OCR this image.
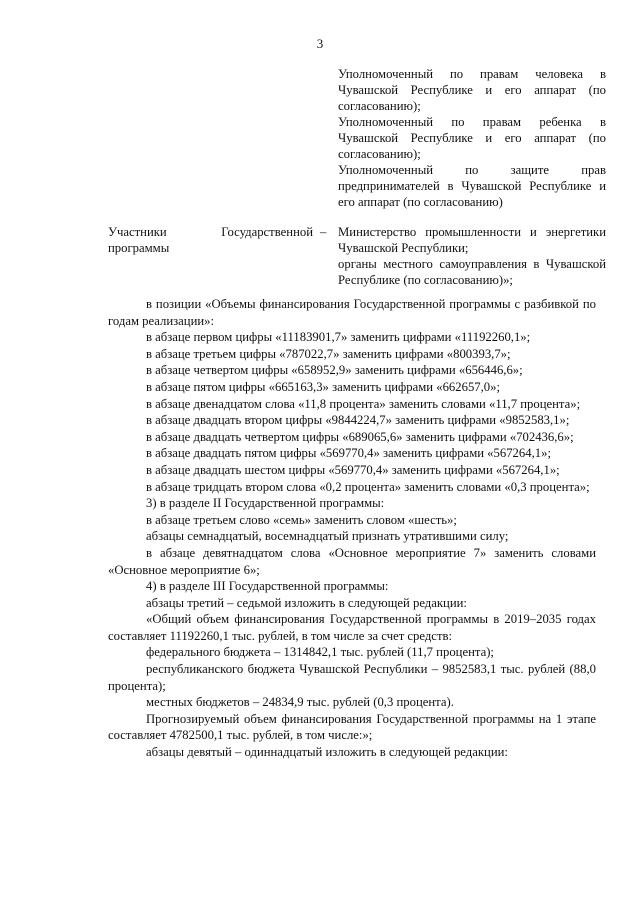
3

Уполномоченный по правам человека в Чувашской Республике и его аппарат (по согласованию);

Уполномоченный по правам ребенка в Чувашской Республике и его аппарат (по согласованию);

Уполномоченный по защите прав предпринимателей в Чувашской Республике и его аппарат (по согласованию)

Участники Государственной программы
– Министерство промышленности и энергетики Чувашской Республики;

органы местного самоуправления в Чувашской Республике (по согласованию)»;

в позиции «Объемы финансирования Государственной программы с разбивкой по годам реализации»:

в абзаце первом цифры «11183901,7» заменить цифрами «11192260,1»;

в абзаце третьем цифры «787022,7» заменить цифрами «800393,7»;

в абзаце четвертом цифры «658952,9» заменить цифрами «656446,6»;

в абзаце пятом цифры «665163,3» заменить цифрами «662657,0»;

в абзаце двенадцатом слова «11,8 процента» заменить словами «11,7 процента»;

в абзаце двадцать втором цифры «9844224,7» заменить цифрами «9852583,1»;

в абзаце двадцать четвертом цифры «689065,6» заменить цифрами «702436,6»;

в абзаце двадцать пятом цифры «569770,4» заменить цифрами «567264,1»;

в абзаце двадцать шестом цифры «569770,4» заменить цифрами «567264,1»;

в абзаце тридцать втором слова «0,2 процента» заменить словами «0,3 процента»;

3) в разделе II Государственной программы:

в абзаце третьем слово «семь» заменить словом «шесть»;

абзацы семнадцатый, восемнадцатый признать утратившими силу;

в абзаце девятнадцатом слова «Основное мероприятие 7» заменить словами «Основное мероприятие 6»;

4) в разделе III Государственной программы:

абзацы третий – седьмой изложить в следующей редакции:

«Общий объем финансирования Государственной программы в 2019–2035 годах составляет 11192260,1 тыс. рублей, в том числе за счет средств:

федерального бюджета – 1314842,1 тыс. рублей (11,7 процента);

республиканского бюджета Чувашской Республики – 9852583,1 тыс. рублей (88,0 процента);

местных бюджетов – 24834,9 тыс. рублей (0,3 процента).

Прогнозируемый объем финансирования Государственной программы на 1 этапе составляет 4782500,1 тыс. рублей, в том числе:»;

абзацы девятый – одиннадцатый изложить в следующей редакции:
